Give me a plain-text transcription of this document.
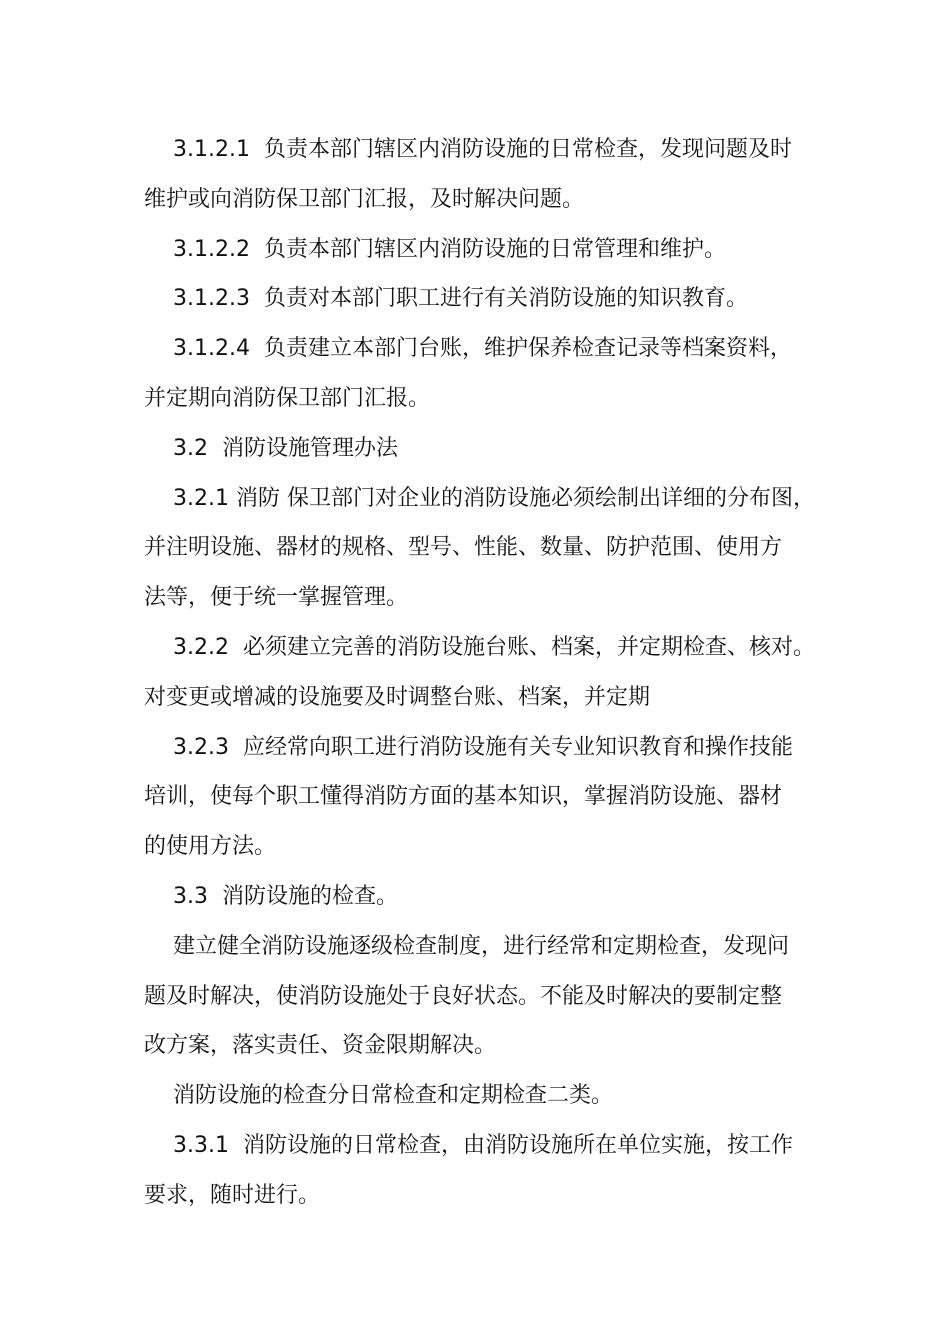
3.1.2.1  负责本部门辖区内消防设施的日常检查，发现问题及时
维护或向消防保卫部门汇报，及时解决问题。
3.1.2.2  负责本部门辖区内消防设施的日常管理和维护。
3.1.2.3  负责对本部门职工进行有关消防设施的知识教育。
3.1.2.4  负责建立本部门台账，维护保养检查记录等档案资料，
并定期向消防保卫部门汇报。
3.2  消防设施管理办法
3.2.1 消防 保卫部门对企业的消防设施必须绘制出详细的分布图，
并注明设施、器材的规格、型号、性能、数量、防护范围、使用方
法等，便于统一掌握管理。
3.2.2  必须建立完善的消防设施台账、档案，并定期检查、核对。
对变更或增减的设施要及时调整台账、档案，并定期
3.2.3  应经常向职工进行消防设施有关专业知识教育和操作技能
培训，使每个职工懂得消防方面的基本知识，掌握消防设施、器材
的使用方法。
3.3  消防设施的检查。
建立健全消防设施逐级检查制度，进行经常和定期检查，发现问
题及时解决，使消防设施处于良好状态。不能及时解决的要制定整
改方案，落实责任、资金限期解决。
消防设施的检查分日常检查和定期检查二类。
3.3.1  消防设施的日常检查，由消防设施所在单位实施，按工作
要求，随时进行。
